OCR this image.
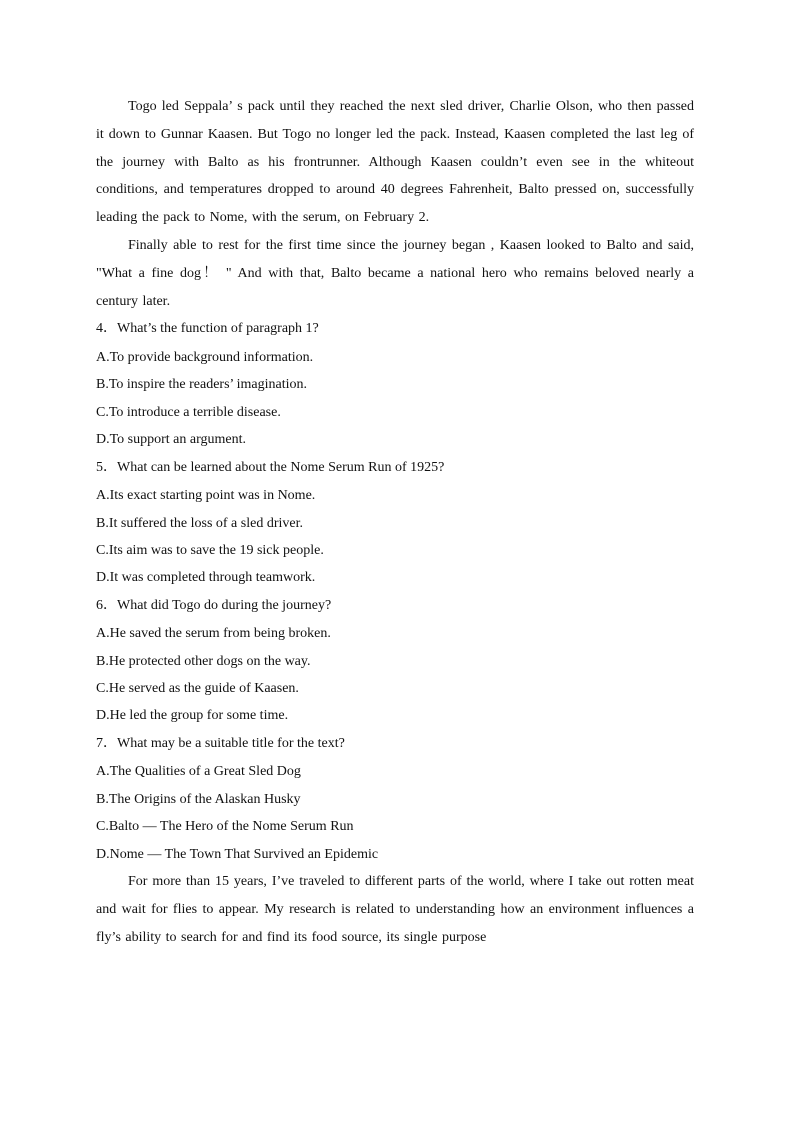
Togo led Seppala’ s pack until they reached the next sled driver, Charlie Olson, who then passed it down to Gunnar Kaasen. But Togo no longer led the pack. Instead, Kaasen completed the last leg of the journey with Balto as his frontrunner. Although Kaasen couldn’t even see in the whiteout conditions, and temperatures dropped to around 40 degrees Fahrenheit, Balto pressed on, successfully leading the pack to Nome, with the serum, on February 2.

Finally able to rest for the first time since the journey began , Kaasen looked to Balto and said, "What a fine dog！ " And with that, Balto became a national hero who remains beloved nearly a century later.

4．What’s the function of paragraph 1?

A.To provide background information.
B.To inspire the readers’ imagination.
C.To introduce a terrible disease.
D.To support an argument.

5．What can be learned about the Nome Serum Run of 1925?

A.Its exact starting point was in Nome.
B.It suffered the loss of a sled driver.
C.Its aim was to save the 19 sick people.
D.It was completed through teamwork.

6．What did Togo do during the journey?

A.He saved the serum from being broken.
B.He protected other dogs on the way.
C.He served as the guide of Kaasen.
D.He led the group for some time.

7．What may be a suitable title for the text?

A.The Qualities of a Great Sled Dog
B.The Origins of the Alaskan Husky
C.Balto — The Hero of the Nome Serum Run
D.Nome — The Town That Survived an Epidemic

For more than 15 years, I’ve traveled to different parts of the world, where I take out rotten meat and wait for flies to appear. My research is related to understanding how an environment influences a fly’s ability to search for and find its food source, its single purpose
